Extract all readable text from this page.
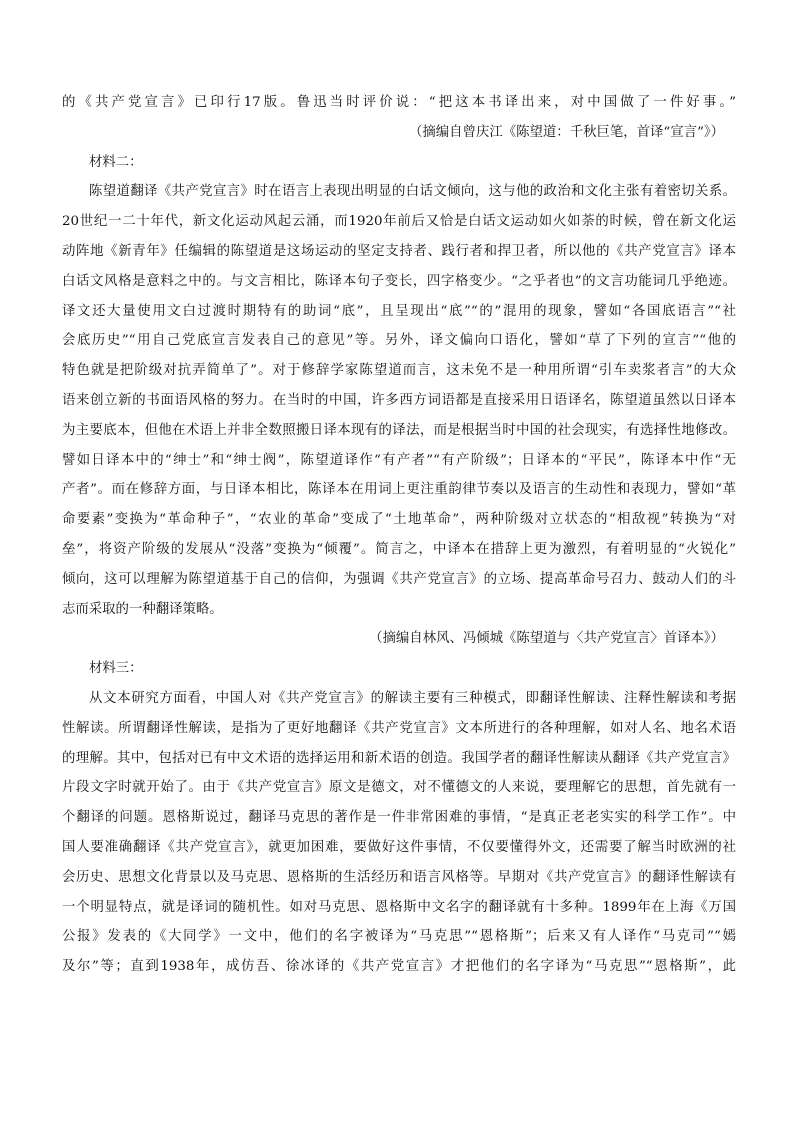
的《共产党宣言》已印行17版。鲁迅当时评价说：“把这本书译出来，对中国做了一件好事。”
（摘编自曾庆江《陈望道：千秋巨笔，首译“宣言”》）
材料二：
陈望道翻译《共产党宣言》时在语言上表现出明显的白话文倾向，这与他的政治和文化主张有着密切关系。
20世纪一二十年代，新文化运动风起云涌，而1920年前后又恰是白话文运动如火如荼的时候，曾在新文化运
动阵地《新青年》任编辑的陈望道是这场运动的坚定支持者、践行者和捍卫者，所以他的《共产党宣言》译本
白话文风格是意料之中的。与文言相比，陈译本句子变长，四字格变少。“之乎者也”的文言功能词几乎绝迹。
译文还大量使用文白过渡时期特有的助词“底”，且呈现出“底”“的”混用的现象，譬如“各国底语言”“社
会底历史”“用自己党底宣言发表自己的意见”等。另外，译文偏向口语化，譬如“草了下列的宣言”“他的
特色就是把阶级对抗弄简单了”。对于修辞学家陈望道而言，这未免不是一种用所谓“引车卖浆者言”的大众
语来创立新的书面语风格的努力。在当时的中国，许多西方词语都是直接采用日语译名，陈望道虽然以日译本
为主要底本，但他在术语上并非全数照搬日译本现有的译法，而是根据当时中国的社会现实，有选择性地修改。
譬如日译本中的“绅士”和“绅士阀”，陈望道译作“有产者”“有产阶级”；日译本的“平民”，陈译本中作“无
产者”。而在修辞方面，与日译本相比，陈译本在用词上更注重韵律节奏以及语言的生动性和表现力，譬如“革
命要素”变换为“革命种子”，“农业的革命”变成了“土地革命”，两种阶级对立状态的“相敌视”转换为“对
垒”，将资产阶级的发展从“没落”变换为“倾覆”。简言之，中译本在措辞上更为激烈，有着明显的“火锐化”
倾向，这可以理解为陈望道基于自己的信仰，为强调《共产党宣言》的立场、提高革命号召力、鼓动人们的斗
志而采取的一种翻译策略。
（摘编自林风、冯倾城《陈望道与〈共产党宣言〉首译本》）
材料三：
从文本研究方面看，中国人对《共产党宣言》的解读主要有三种模式，即翻译性解读、注释性解读和考据
性解读。所谓翻译性解读，是指为了更好地翻译《共产党宣言》文本所进行的各种理解，如对人名、地名术语
的理解。其中，包括对已有中文术语的选择运用和新术语的创造。我国学者的翻译性解读从翻译《共产党宣言》
片段文字时就开始了。由于《共产党宣言》原文是德文，对不懂德文的人来说，要理解它的思想，首先就有一
个翻译的问题。恩格斯说过，翻译马克思的著作是一件非常困难的事情，“是真正老老实实的科学工作”。中
国人要准确翻译《共产党宣言》，就更加困难，要做好这件事情，不仅要懂得外文，还需要了解当时欧洲的社
会历史、思想文化背景以及马克思、恩格斯的生活经历和语言风格等。早期对《共产党宣言》的翻译性解读有
一个明显特点，就是译词的随机性。如对马克思、恩格斯中文名字的翻译就有十多种。1899年在上海《万国
公报》发表的《大同学》一文中，他们的名字被译为“马克思”“恩格斯”；后来又有人译作“马克司”“嫣
及尔”等；直到1938年，成仿吾、徐冰译的《共产党宣言》才把他们的名字译为“马克思”“恩格斯”，此
